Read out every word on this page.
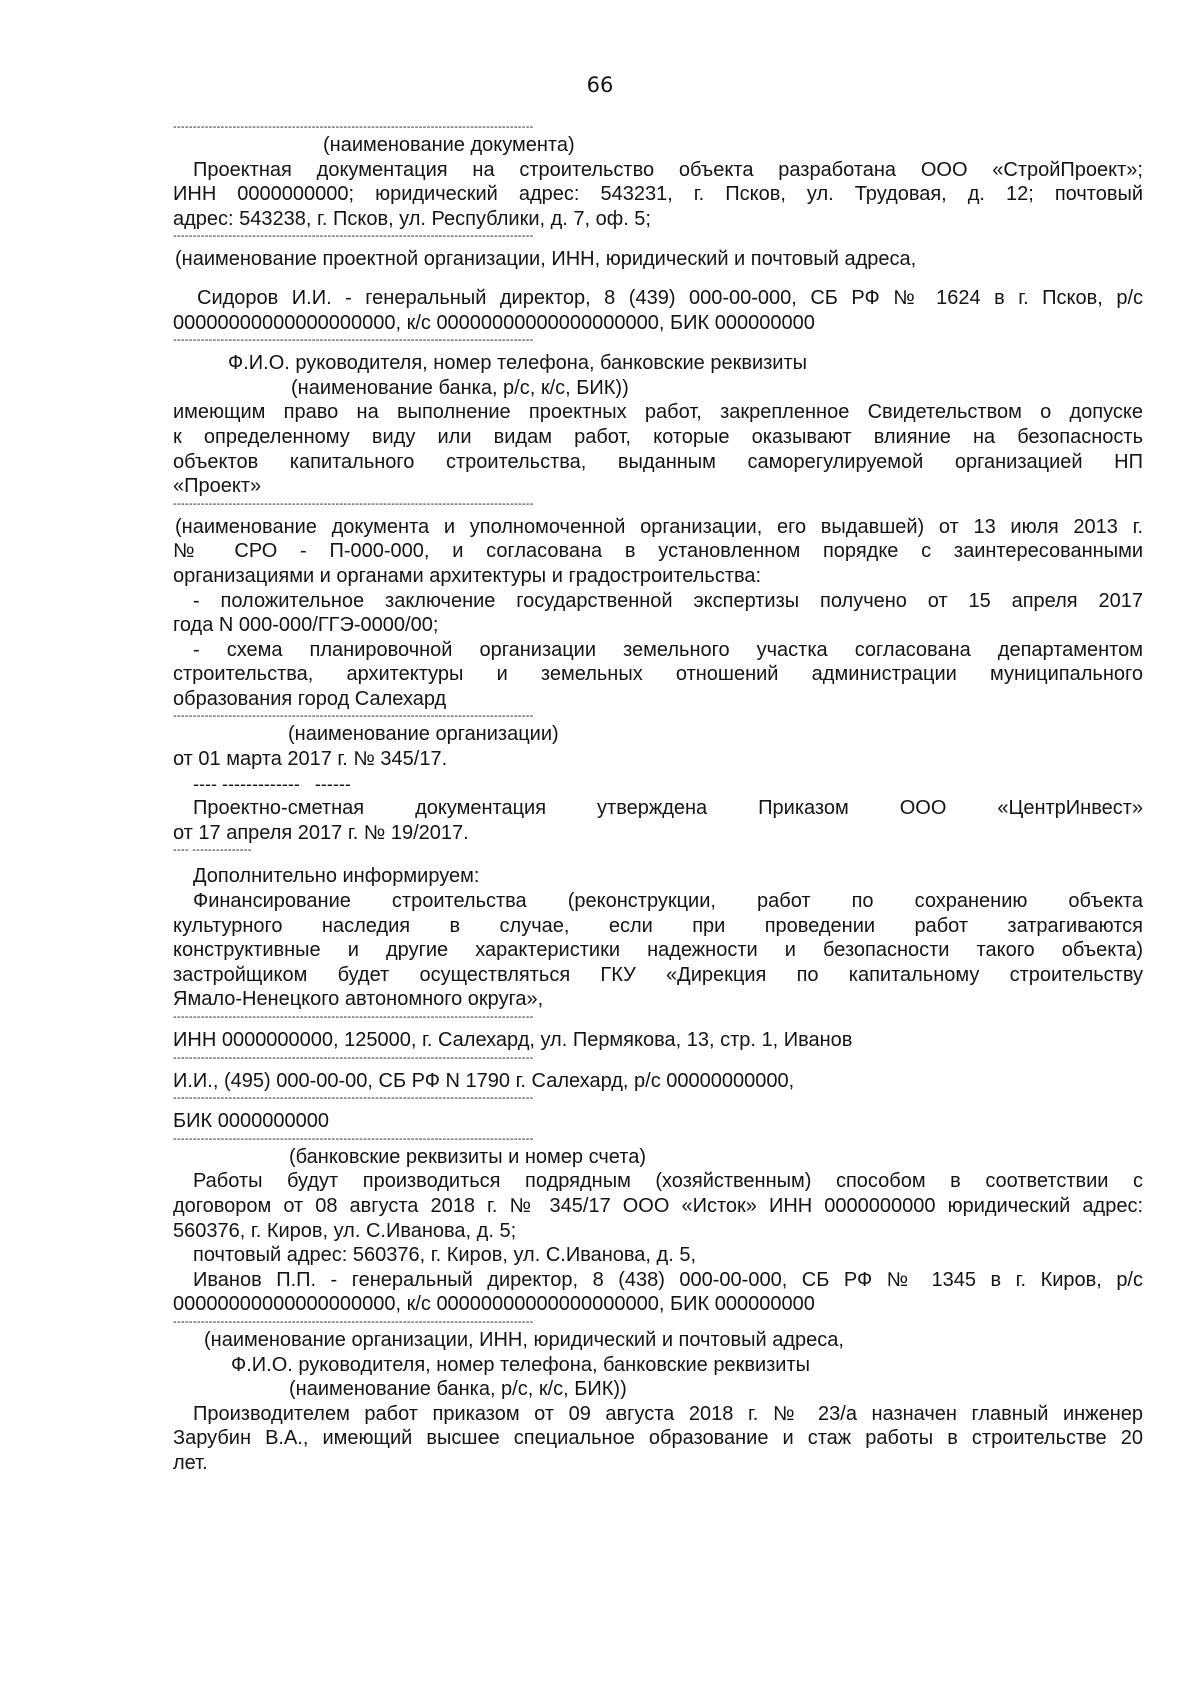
66
-------------------------------------------------------------------------------------------
(наименование документа)
Проектная документация на строительство объекта разработана ООО «СтройПроект»;
ИНН 0000000000; юридический адрес: 543231, г. Псков, ул. Трудовая, д. 12; почтовый
адрес: 543238, г. Псков, ул. Республики, д. 7, оф. 5;
-------------------------------------------------------------------------------------------
(наименование проектной организации, ИНН, юридический и почтовый адреса,
Сидоров И.И. - генеральный директор, 8 (439) 000-00-000, СБ РФ № 1624 в г. Псков, р/с
00000000000000000000, к/с 00000000000000000000, БИК 000000000
-------------------------------------------------------------------------------------------
Ф.И.О. руководителя, номер телефона, банковские реквизиты
(наименование банка, р/с, к/с, БИК))
имеющим право на выполнение проектных работ, закрепленное Свидетельством о допуске
к определенному виду или видам работ, которые оказывают влияние на безопасность
объектов капитального строительства, выданным саморегулируемой организацией НП
«Проект»
-------------------------------------------------------------------------------------------
(наименование документа и уполномоченной организации, его выдавшей) от 13 июля 2013 г.
№ СРО - П-000-000, и согласована в установленном порядке с заинтересованными
организациями и органами архитектуры и градостроительства:
- положительное заключение государственной экспертизы получено от 15 апреля 2017
года N 000-000/ГГЭ-0000/00;
- схема планировочной организации земельного участка согласована департаментом
строительства, архитектуры и земельных отношений администрации муниципального
образования город Салехард
-------------------------------------------------------------------------------------------
(наименование организации)
от 01 марта 2017 г. № 345/17.
---- -------------   ------
Проектно-сметная документация утверждена Приказом ООО «ЦентрИнвест»
от 17 апреля 2017 г. № 19/2017.
---- ---------------
Дополнительно информируем:
Финансирование строительства (реконструкции, работ по сохранению объекта
культурного наследия в случае, если при проведении работ затрагиваются
конструктивные и другие характеристики надежности и безопасности такого объекта)
застройщиком будет осуществляться ГКУ «Дирекция по капитальному строительству
Ямало-Ненецкого автономного округа»,
-------------------------------------------------------------------------------------------
ИНН 0000000000, 125000, г. Салехард, ул. Пермякова, 13, стр. 1, Иванов
-------------------------------------------------------------------------------------------
И.И., (495) 000-00-00, СБ РФ N 1790 г. Салехард, р/с 00000000000,
-------------------------------------------------------------------------------------------
БИК 0000000000
-------------------------------------------------------------------------------------------
(банковские реквизиты и номер счета)
Работы будут производиться подрядным (хозяйственным) способом в соответствии с
договором от 08 августа 2018 г. № 345/17 ООО «Исток» ИНН 0000000000 юридический адрес:
560376, г. Киров, ул. С.Иванова, д. 5;
почтовый адрес: 560376, г. Киров, ул. С.Иванова, д. 5,
Иванов П.П. - генеральный директор, 8 (438) 000-00-000, СБ РФ № 1345 в г. Киров, р/с
00000000000000000000, к/с 00000000000000000000, БИК 000000000
-------------------------------------------------------------------------------------------
(наименование организации, ИНН, юридический и почтовый адреса,
Ф.И.О. руководителя, номер телефона, банковские реквизиты
(наименование банка, р/с, к/с, БИК))
Производителем работ приказом от 09 августа 2018 г. № 23/а назначен главный инженер
Зарубин В.А., имеющий высшее специальное образование и стаж работы в строительстве 20
лет.
